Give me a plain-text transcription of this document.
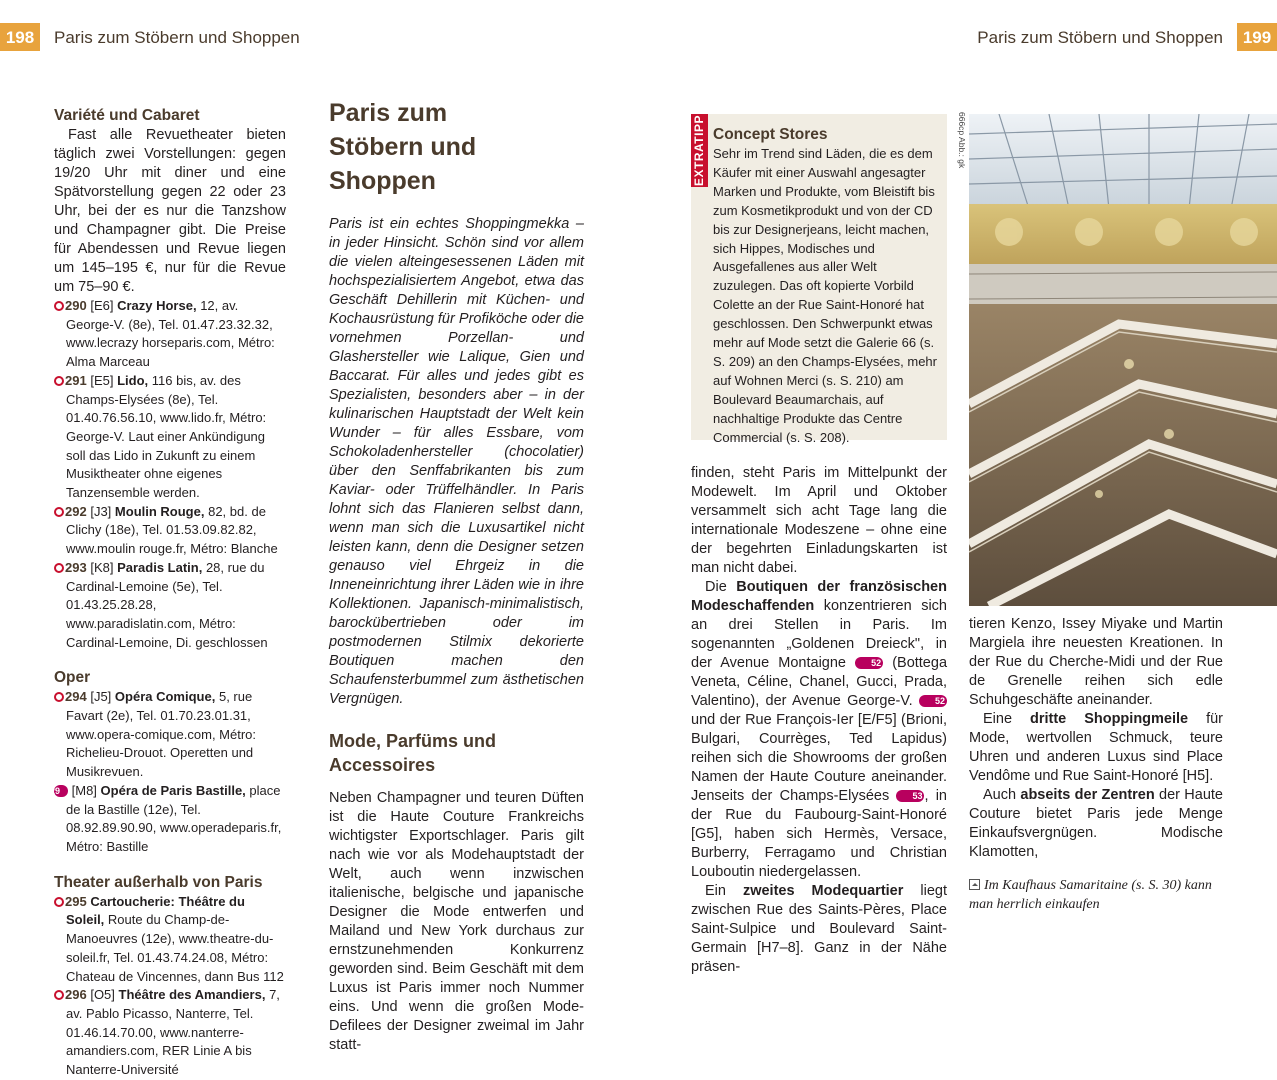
198	Paris zum Stöbern und Shoppen	Paris zum Stöbern und Shoppen	199

Variété und Cabaret

Fast alle Revuetheater bieten täglich zwei Vorstellungen: gegen 19/20 Uhr mit diner und eine Spätvorstellung gegen 22 oder 23 Uhr, bei der es nur die Tanzshow und Champagner gibt. Die Preise für Abendessen und Revue liegen um 145–195 €, nur für die Revue um 75–90 €.

290 [E6] Crazy Horse, 12, av. George-V. (8e), Tel. 01.47.23.32.32, www.lecrazy horseparis.com, Métro: Alma Marceau

291 [E5] Lido, 116 bis, av. des Champs-Elysées (8e), Tel. 01.40.76.56.10, www.lido.fr, Métro: George-V. Laut einer Ankündigung soll das Lido in Zukunft zu einem Musiktheater ohne eigenes Tanzensemble werden.

292 [J3] Moulin Rouge, 82, bd. de Clichy (18e), Tel. 01.53.09.82.82, www.moulin rouge.fr, Métro: Blanche

293 [K8] Paradis Latin, 28, rue du Cardinal-Lemoine (5e), Tel. 01.43.25.28.28, www.paradislatin.com, Métro: Cardinal-Lemoine, Di. geschlossen

Oper

294 [J5] Opéra Comique, 5, rue Favart (2e), Tel. 01.70.23.01.31, www.opera-comique.com, Métro: Richelieu-Drouot. Operetten und Musikrevuen.

29 [M8] Opéra de Paris Bastille, place de la Bastille (12e), Tel. 08.92.89.90.90, www.operadeparis.fr, Métro: Bastille

Theater außerhalb von Paris

295 Cartoucherie: Théâtre du Soleil, Route du Champ-de-Manoeuvres (12e), www.theatre-du-soleil.fr, Tel. 01.43.74.24.08, Métro: Chateau de Vincennes, dann Bus 112

296 [O5] Théâtre des Amandiers, 7, av. Pablo Picasso, Nanterre, Tel. 01.46.14.70.00, www.nanterre-amandiers.com, RER Linie A bis Nanterre-Université

Paris zum

Stöbern und Shoppen

Paris ist ein echtes Shoppingmekka – in jeder Hinsicht. Schön sind vor allem die vielen alteingesessenen Läden mit hochspezialisiertem Angebot, etwa das Geschäft Dehillerin mit Küchen- und Kochausrüstung für Profiköche oder die vornehmen Porzellan- und Glashersteller wie Lalique, Gien und Baccarat. Für alles und jedes gibt es Spezialisten, besonders aber – in der kulinarischen Hauptstadt der Welt kein Wunder – für alles Essbare, vom Schokoladenhersteller (chocolatier) über den Senffabrikanten bis zum Kaviar- oder Trüffelhändler. In Paris lohnt sich das Flanieren selbst dann, wenn man sich die Luxusartikel nicht leisten kann, denn die Designer setzen genauso viel Ehrgeiz in die Inneneinrichtung ihrer Läden wie in ihre Kollektionen. Japanisch-minimalistisch, barockübertrieben oder im postmodernen Stilmix dekorierte Boutiquen machen den Schaufensterbummel zum ästhetischen Vergnügen.

Mode, Parfüms und Accessoires

Neben Champagner und teuren Düften ist die Haute Couture Frankreichs wichtigster Exportschlager. Paris gilt nach wie vor als Modehauptstadt der Welt, auch wenn inzwischen italienische, belgische und japanische Designer die Mode entwerfen und Mailand und New York durchaus zur ernstzunehmenden Konkurrenz geworden sind. Beim Geschäft mit dem Luxus ist Paris immer noch Nummer eins. Und wenn die großen Mode-Defilees der Designer zweimal im Jahr statt-

EXTRATIPP Concept Stores

Sehr im Trend sind Läden, die es dem Käufer mit einer Auswahl angesagter Marken und Produkte, vom Bleistift bis zum Kosmetikprodukt und von der CD bis zur Designerjeans, leicht machen, sich Hippes, Modisches und Ausgefallenes aus aller Welt zuzulegen. Das oft kopierte Vorbild Colette an der Rue Saint-Honoré hat geschlossen. Den Schwerpunkt etwas mehr auf Mode setzt die Galerie 66 (s. S. 209) an den Champs-Elysées, mehr auf Wohnen Merci (s. S. 210) am Boulevard Beaumarchais, auf nachhaltige Produkte das Centre Commercial (s. S. 208).

finden, steht Paris im Mittelpunkt der Modewelt. Im April und Oktober versammelt sich acht Tage lang die internationale Modeszene – ohne eine der begehrten Einladungskarten ist man nicht dabei.

Die Boutiquen der französischen Modeschaffenden konzentrieren sich an drei Stellen in Paris. Im sogenannten „Goldenen Dreieck", in der Avenue Montaigne 52 (Bottega Veneta, Céline, Chanel, Gucci, Prada, Valentino), der Avenue George-V. 52 und der Rue François-Ier [E/F5] (Brioni, Bulgari, Courrèges, Ted Lapidus) reihen sich die Showrooms der großen Namen der Haute Couture aneinander. Jenseits der Champs-Elysées 53 , in der Rue du Faubourg-Saint-Honoré [G5], haben sich Hermès, Versace, Burberry, Ferragamo und Christian Louboutin niedergelassen.

Ein zweites Modequartier liegt zwischen Rue des Saints-Pères, Place Saint-Sulpice und Boulevard Saint-Germain [H7–8]. Ganz in der Nähe präsen-

666cp Abb.: gk

tieren Kenzo, Issey Miyake und Martin Margiela ihre neuesten Kreationen. In der Rue du Cherche-Midi und der Rue de Grenelle reihen sich edle Schuhgeschäfte aneinander.

Eine dritte Shoppingmeile für Mode, wertvollen Schmuck, teure Uhren und anderen Luxus sind Place Vendôme und Rue Saint-Honoré [H5].

Auch abseits der Zentren der Haute Couture bietet Paris jede Menge Einkaufsvergnügen. Modische Klamotten,

Im Kaufhaus Samaritaine (s. S. 30) kann man herrlich einkaufen
